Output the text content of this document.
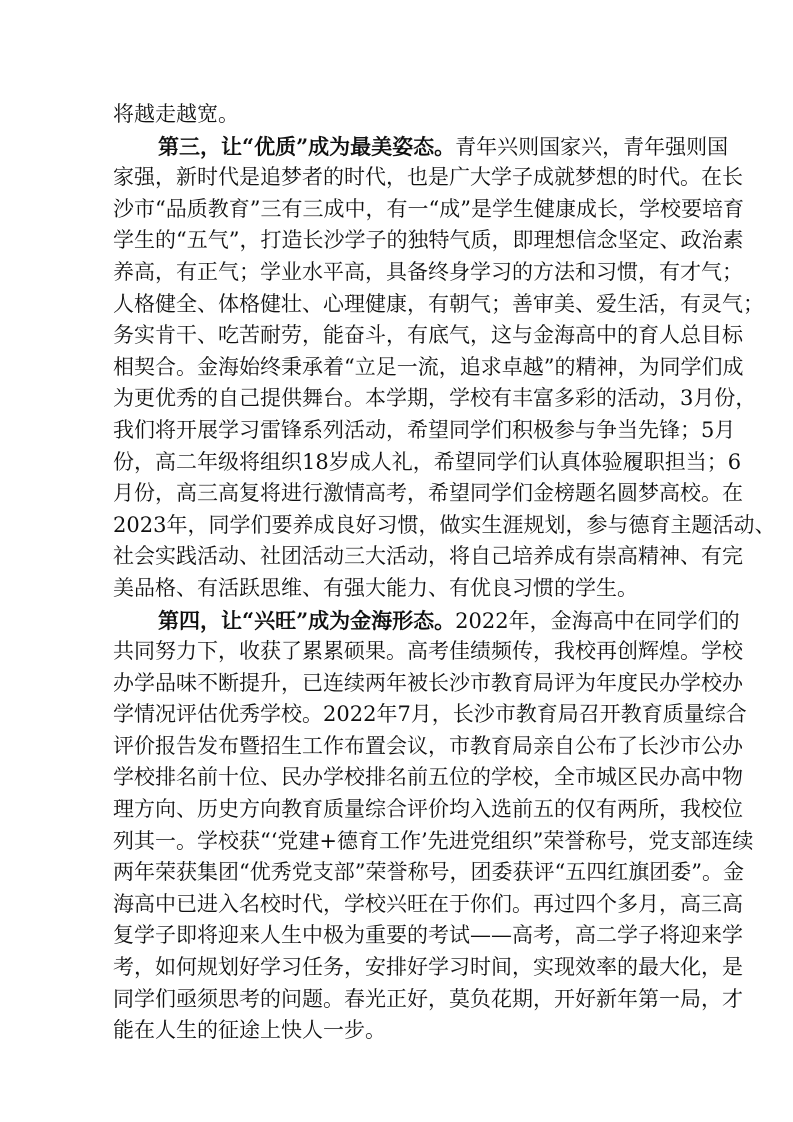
将越走越宽。
第三，让“优质”成为最美姿态。青年兴则国家兴，青年强则国
家强，新时代是追梦者的时代，也是广大学子成就梦想的时代。在长
沙市“品质教育”三有三成中，有一“成”是学生健康成长，学校要培育
学生的“五气”，打造长沙学子的独特气质，即理想信念坚定、政治素
养高，有正气；学业水平高，具备终身学习的方法和习惯，有才气；
人格健全、体格健壮、心理健康，有朝气；善审美、爱生活，有灵气；
务实肯干、吃苦耐劳，能奋斗，有底气，这与金海高中的育人总目标
相契合。金海始终秉承着“立足一流，追求卓越”的精神，为同学们成
为更优秀的自己提供舞台。本学期，学校有丰富多彩的活动，3月份，
我们将开展学习雷锋系列活动，希望同学们积极参与争当先锋；5月
份，高二年级将组织18岁成人礼，希望同学们认真体验履职担当；6
月份，高三高复将进行激情高考，希望同学们金榜题名圆梦高校。在
2023年，同学们要养成良好习惯，做实生涯规划，参与德育主题活动、
社会实践活动、社团活动三大活动，将自己培养成有崇高精神、有完
美品格、有活跃思维、有强大能力、有优良习惯的学生。
第四，让“兴旺”成为金海形态。2022年，金海高中在同学们的
共同努力下，收获了累累硕果。高考佳绩频传，我校再创辉煌。学校
办学品味不断提升，已连续两年被长沙市教育局评为年度民办学校办
学情况评估优秀学校。2022年7月，长沙市教育局召开教育质量综合
评价报告发布暨招生工作布置会议，市教育局亲自公布了长沙市公办
学校排名前十位、民办学校排名前五位的学校，全市城区民办高中物
理方向、历史方向教育质量综合评价均入选前五的仅有两所，我校位
列其一。学校获“‘党建+德育工作’先进党组织”荣誉称号，党支部连续
两年荣获集团“优秀党支部”荣誉称号，团委获评“五四红旗团委”。金
海高中已进入名校时代，学校兴旺在于你们。再过四个多月，高三高
复学子即将迎来人生中极为重要的考试——高考，高二学子将迎来学
考，如何规划好学习任务，安排好学习时间，实现效率的最大化，是
同学们亟须思考的问题。春光正好，莫负花期，开好新年第一局，才
能在人生的征途上快人一步。
